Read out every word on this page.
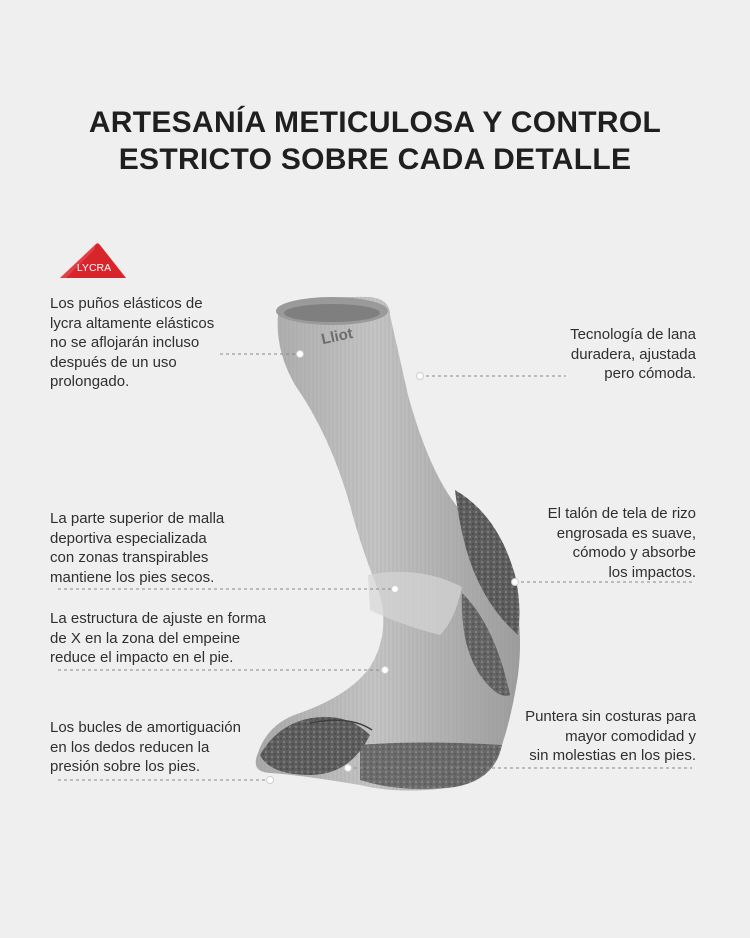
ARTESANÍA METICULOSA Y CONTROL
ESTRICTO SOBRE CADA DETALLE
LYCRA
Lliot

Los puños elásticos de
lycra altamente elásticos
no se aflojarán incluso
después de un uso
prolongado.

Tecnología de lana
duradera, ajustada
pero cómoda.

La parte superior de malla
deportiva especializada
con zonas transpirables
mantiene los pies secos.

El talón de tela de rizo
engrosada es suave,
cómodo y absorbe
los impactos.

La estructura de ajuste en forma
de X en la zona del empeine
reduce el impacto en el pie.

Puntera sin costuras para
mayor comodidad y
sin molestias en los pies.

Los bucles de amortiguación
en los dedos reducen la
presión sobre los pies.
